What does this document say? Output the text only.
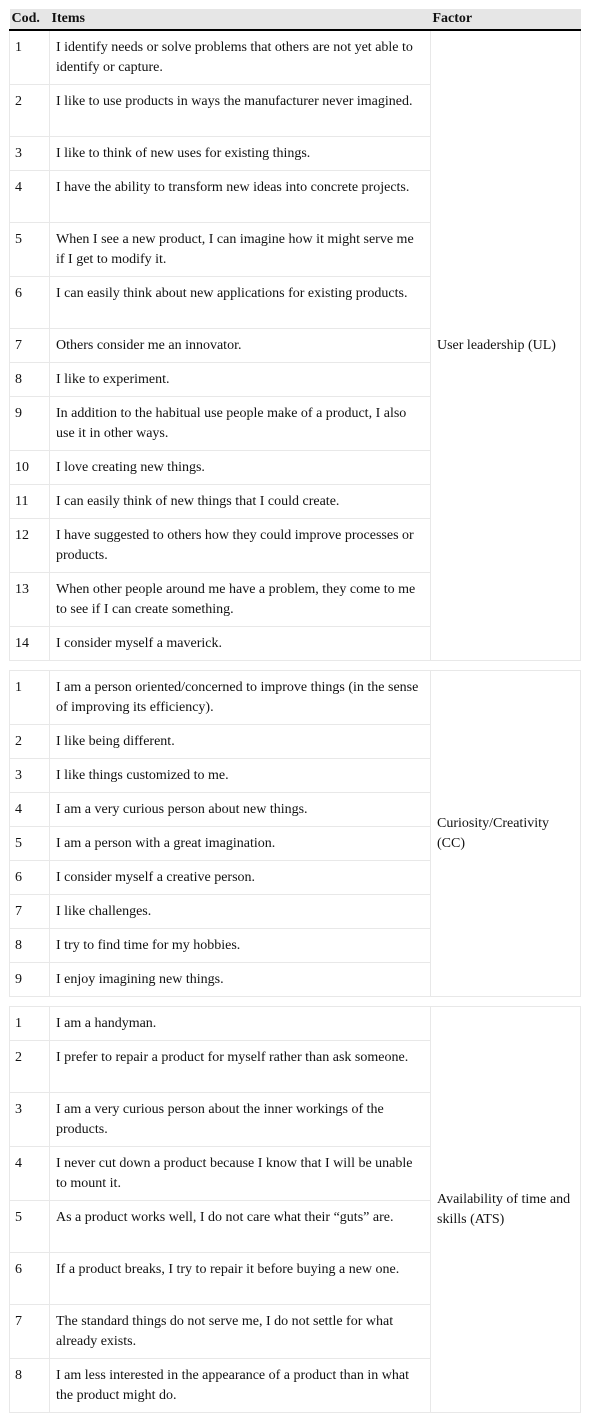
Cod.	Items	Factor
1	I identify needs or solve problems that others are not yet able to identify or capture.	User leadership (UL)
2	I like to use products in ways the manufacturer never imagined.	
3	I like to think of new uses for existing things.	
4	I have the ability to transform new ideas into concrete projects.	
5	When I see a new product, I can imagine how it might serve me if I get to modify it.	
6	I can easily think about new applications for existing products.	
7	Others consider me an innovator.	
8	I like to experiment.	
9	In addition to the habitual use people make of a product, I also use it in other ways.	
10	I love creating new things.	
11	I can easily think of new things that I could create.	
12	I have suggested to others how they could improve processes or products.	
13	When other people around me have a problem, they come to me to see if I can create something.	
14	I consider myself a maverick.	

1	I am a person oriented/concerned to improve things (in the sense of improving its efficiency).	Curiosity/Creativity (CC)
2	I like being different.	
3	I like things customized to me.	
4	I am a very curious person about new things.	
5	I am a person with a great imagination.	
6	I consider myself a creative person.	
7	I like challenges.	
8	I try to find time for my hobbies.	
9	I enjoy imagining new things.	

1	I am a handyman.	Availability of time and skills (ATS)
2	I prefer to repair a product for myself rather than ask someone.	
3	I am a very curious person about the inner workings of the products.	
4	I never cut down a product because I know that I will be unable to mount it.	
5	As a product works well, I do not care what their “guts” are.	
6	If a product breaks, I try to repair it before buying a new one.	
7	The standard things do not serve me, I do not settle for what already exists.	
8	I am less interested in the appearance of a product than in what the product might do.	
